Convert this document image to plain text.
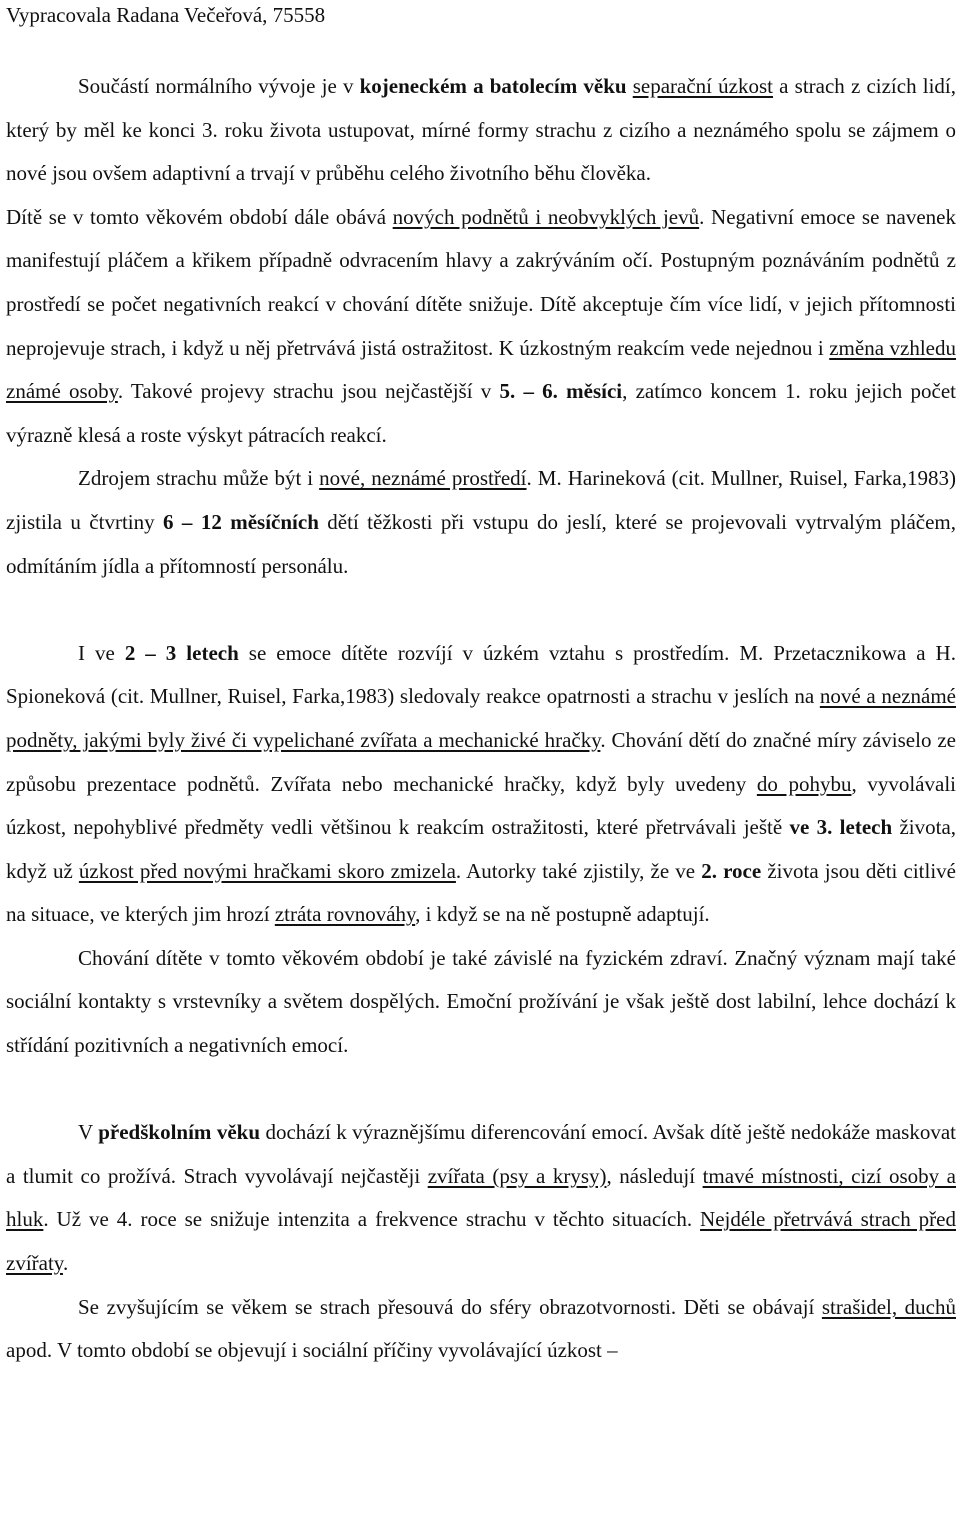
Vypracovala Radana Večeřová, 75558

Součástí normálního vývoje je v kojeneckém a batolecím věku separační úzkost a strach z cizích lidí, který by měl ke konci 3. roku života ustupovat, mírné formy strachu z cizího a neznámého spolu se zájmem o nové jsou ovšem adaptivní a trvají v průběhu celého životního běhu člověka.

Dítě se v tomto věkovém období dále obává nových podnětů i neobvyklých jevů. Negativní emoce se navenek manifestují pláčem a křikem případně odvracením hlavy a zakrýváním očí. Postupným poznáváním podnětů z prostředí se počet negativních reakcí v chování dítěte snižuje. Dítě akceptuje čím více lidí, v jejich přítomnosti neprojevuje strach, i když u něj přetrvává jistá ostražitost. K úzkostným reakcím vede nejednou i změna vzhledu známé osoby. Takové projevy strachu jsou nejčastější v 5. – 6. měsíci, zatímco koncem 1. roku jejich počet výrazně klesá a roste výskyt pátracích reakcí.

Zdrojem strachu může být i nové, neznámé prostředí. M. Harineková (cit. Mullner, Ruisel, Farka,1983) zjistila u čtvrtiny 6 – 12 měsíčních dětí těžkosti při vstupu do jeslí, které se projevovali vytrvalým pláčem, odmítáním jídla a přítomností personálu.

I ve 2 – 3 letech se emoce dítěte rozvíjí v úzkém vztahu s prostředím. M. Przetacznikowa a H. Spioneková (cit. Mullner, Ruisel, Farka,1983) sledovaly reakce opatrnosti a strachu v jeslích na nové a neznámé podněty, jakými byly živé či vypelichané zvířata a mechanické hračky. Chování dětí do značné míry záviselo ze způsobu prezentace podnětů. Zvířata nebo mechanické hračky, když byly uvedeny do pohybu, vyvolávali úzkost, nepohyblivé předměty vedli většinou k reakcím ostražitosti, které přetrvávali ještě ve 3. letech života, když už úzkost před novými hračkami skoro zmizela. Autorky také zjistily, že ve 2. roce života jsou děti citlivé na situace, ve kterých jim hrozí ztráta rovnováhy, i když se na ně postupně adaptují.

Chování dítěte v tomto věkovém období je také závislé na fyzickém zdraví. Značný význam mají také sociální kontakty s vrstevníky a světem dospělých. Emoční prožívání je však ještě dost labilní, lehce dochází k střídání pozitivních a negativních emocí.

V předškolním věku dochází k výraznějšímu diferencování emocí. Avšak dítě ještě nedokáže maskovat a tlumit co prožívá. Strach vyvolávají nejčastěji zvířata (psy a krysy), následují tmavé místnosti, cizí osoby a hluk. Už ve 4. roce se snižuje intenzita a frekvence strachu v těchto situacích. Nejdéle přetrvává strach před zvířaty.

Se zvyšujícím se věkem se strach přesouvá do sféry obrazotvornosti. Děti se obávají strašidel, duchů apod. V tomto období se objevují i sociální příčiny vyvolávající úzkost –
